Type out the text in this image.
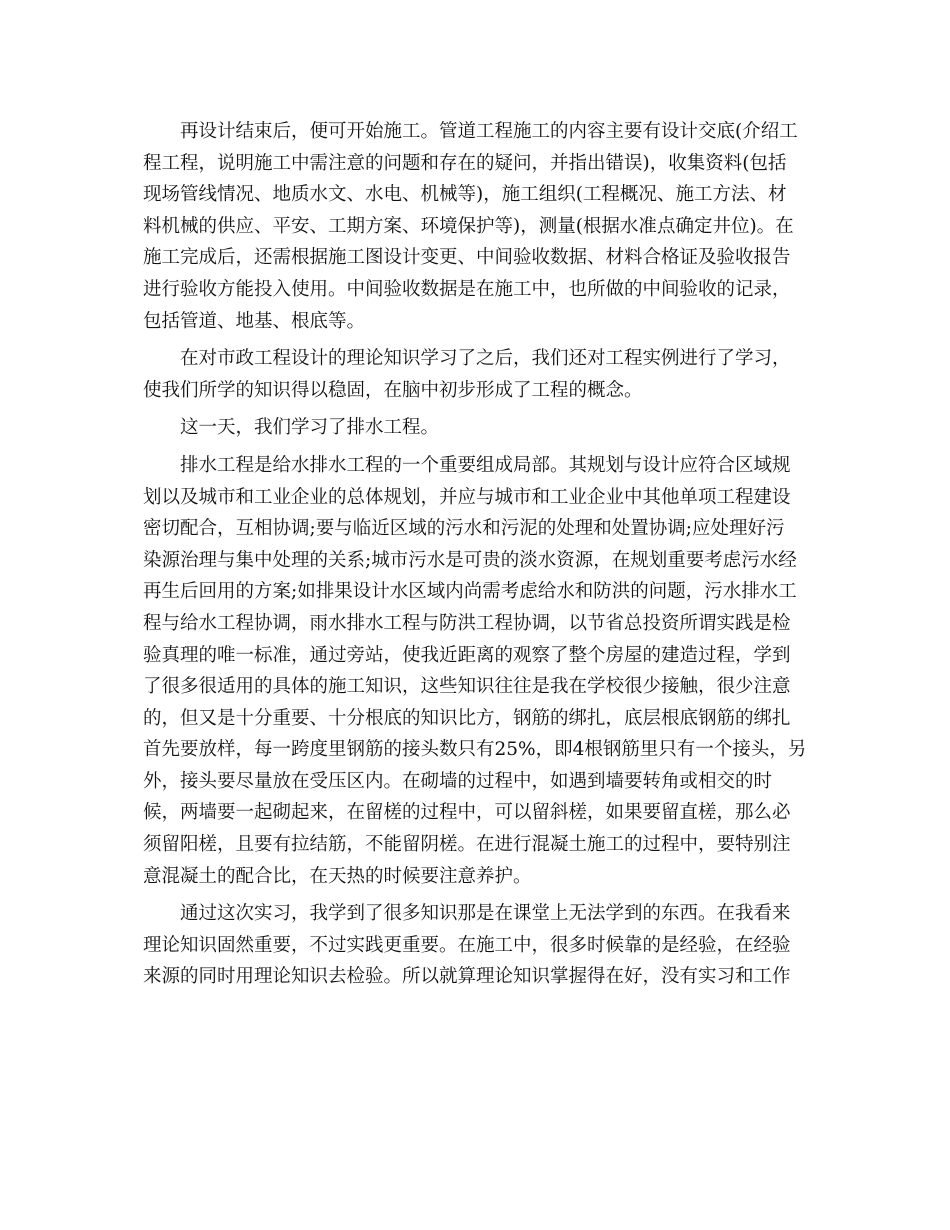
再设计结束后，便可开始施工。管道工程施工的内容主要有设计交底(介绍工
程工程，说明施工中需注意的问题和存在的疑问，并指出错误)，收集资料(包括
现场管线情况、地质水文、水电、机械等)，施工组织(工程概况、施工方法、材
料机械的供应、平安、工期方案、环境保护等)，测量(根据水准点确定井位)。在
施工完成后，还需根据施工图设计变更、中间验收数据、材料合格证及验收报告
进行验收方能投入使用。中间验收数据是在施工中，也所做的中间验收的记录，
包括管道、地基、根底等。

在对市政工程设计的理论知识学习了之后，我们还对工程实例进行了学习，
使我们所学的知识得以稳固，在脑中初步形成了工程的概念。

这一天，我们学习了排水工程。

排水工程是给水排水工程的一个重要组成局部。其规划与设计应符合区域规
划以及城市和工业企业的总体规划，并应与城市和工业企业中其他单项工程建设
密切配合，互相协调;要与临近区域的污水和污泥的处理和处置协调;应处理好污
染源治理与集中处理的关系;城市污水是可贵的淡水资源，在规划重要考虑污水经
再生后回用的方案;如排果设计水区域内尚需考虑给水和防洪的问题，污水排水工
程与给水工程协调，雨水排水工程与防洪工程协调，以节省总投资所谓实践是检
验真理的唯一标准，通过旁站，使我近距离的观察了整个房屋的建造过程，学到
了很多很适用的具体的施工知识，这些知识往往是我在学校很少接触，很少注意
的，但又是十分重要、十分根底的知识比方，钢筋的绑扎，底层根底钢筋的绑扎
首先要放样，每一跨度里钢筋的接头数只有25%，即4根钢筋里只有一个接头，另
外，接头要尽量放在受压区内。在砌墙的过程中，如遇到墙要转角或相交的时
候，两墙要一起砌起来，在留槎的过程中，可以留斜槎，如果要留直槎，那么必
须留阳槎，且要有拉结筋，不能留阴槎。在进行混凝土施工的过程中，要特别注
意混凝土的配合比，在天热的时候要注意养护。

通过这次实习，我学到了很多知识那是在课堂上无法学到的东西。在我看来
理论知识固然重要，不过实践更重要。在施工中，很多时候靠的是经验，在经验
来源的同时用理论知识去检验。所以就算理论知识掌握得在好，没有实习和工作
